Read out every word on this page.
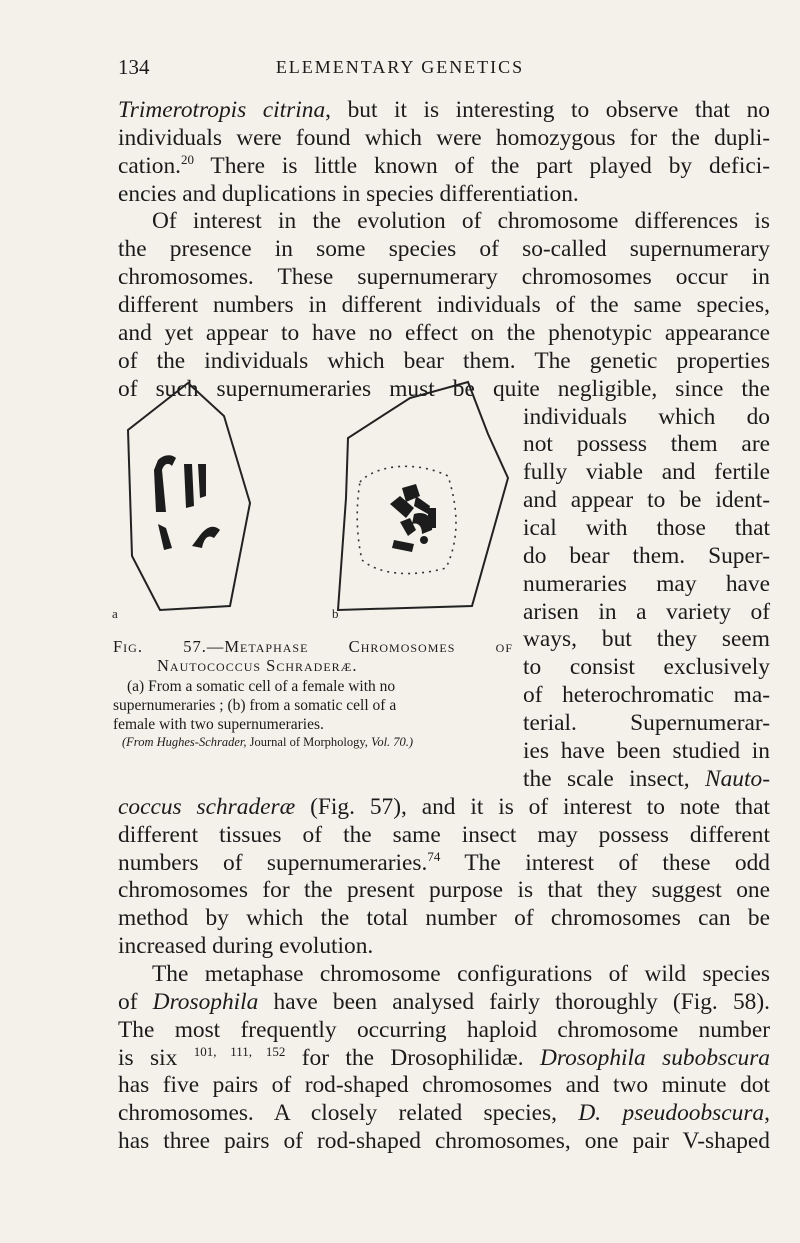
134	ELEMENTARY GENETICS
Trimerotropis citrina, but it is interesting to observe that no
individuals were found which were homozygous for the dupli-
cation.$^{20}$ There is little known of the part played by defici-
encies and duplications in species differentiation.
Of interest in the evolution of chromosome differences is
the presence in some species of so-called supernumerary
chromosomes. These supernumerary chromosomes occur in
different numbers in different individuals of the same species,
and yet appear to have no effect on the phenotypic appearance
of the individuals which bear them. The genetic properties
of such supernumeraries must be quite negligible, since the
individuals which do
not possess them are
fully viable and fertile
and appear to be ident-
ical with those that
do bear them. Super-
numeraries may have
arisen in a variety of
ways, but they seem
to consist exclusively
of heterochromatic ma-
terial. Supernumerar-
ies have been studied in
the scale insect, Nauto-
a	b
Fig. 57.—Metaphase Chromosomes of
Nautococcus Schraderæ.
(a) From a somatic cell of a female with no
supernumeraries ; (b) from a somatic cell of a
female with two supernumeraries.
(From Hughes-Schrader, Journal of Morphology, Vol. 70.)
coccus schraderæ (Fig. 57), and it is of interest to note that
different tissues of the same insect may possess different
numbers of supernumeraries.$^{74}$ The interest of these odd
chromosomes for the present purpose is that they suggest one
method by which the total number of chromosomes can be
increased during evolution.
The metaphase chromosome configurations of wild species
of Drosophila have been analysed fairly thoroughly (Fig. 58).
The most frequently occurring haploid chromosome number
is six $^{101, 111, 152}$ for the Drosophilidæ. Drosophila subobscura
has five pairs of rod-shaped chromosomes and two minute dot
chromosomes. A closely related species, D. pseudoobscura,
has three pairs of rod-shaped chromosomes, one pair V-shaped
